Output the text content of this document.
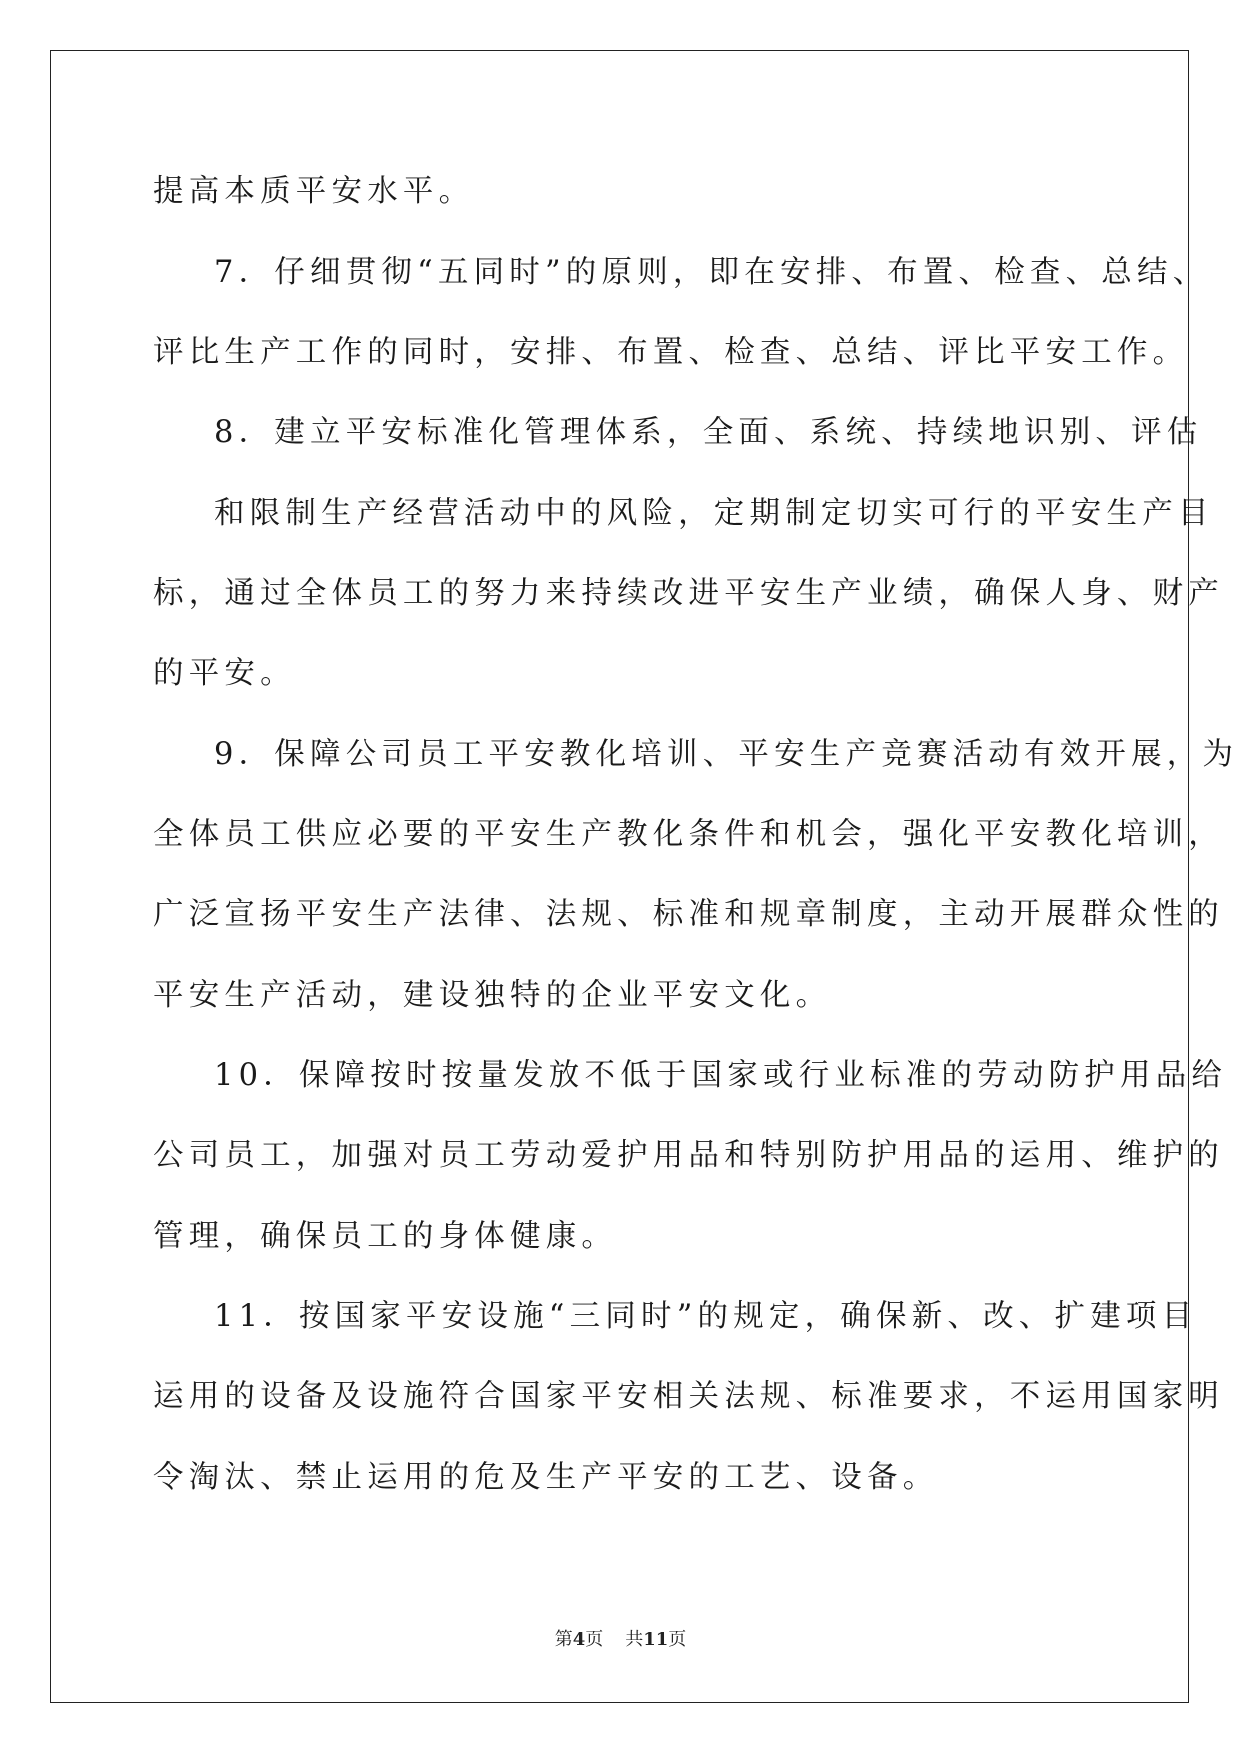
提高本质平安水平。
7．仔细贯彻“五同时”的原则，即在安排、布置、检查、总结、
评比生产工作的同时，安排、布置、检查、总结、评比平安工作。
8．建立平安标准化管理体系，全面、系统、持续地识别、评估
和限制生产经营活动中的风险，定期制定切实可行的平安生产目
标，通过全体员工的努力来持续改进平安生产业绩，确保人身、财产
的平安。
9．保障公司员工平安教化培训、平安生产竞赛活动有效开展，为
全体员工供应必要的平安生产教化条件和机会，强化平安教化培训，
广泛宣扬平安生产法律、法规、标准和规章制度，主动开展群众性的
平安生产活动，建设独特的企业平安文化。
10．保障按时按量发放不低于国家或行业标准的劳动防护用品给
公司员工，加强对员工劳动爱护用品和特别防护用品的运用、维护的
管理，确保员工的身体健康。
11．按国家平安设施“三同时”的规定，确保新、改、扩建项目
运用的设备及设施符合国家平安相关法规、标准要求，不运用国家明
令淘汰、禁止运用的危及生产平安的工艺、设备。
第4页 共11页
